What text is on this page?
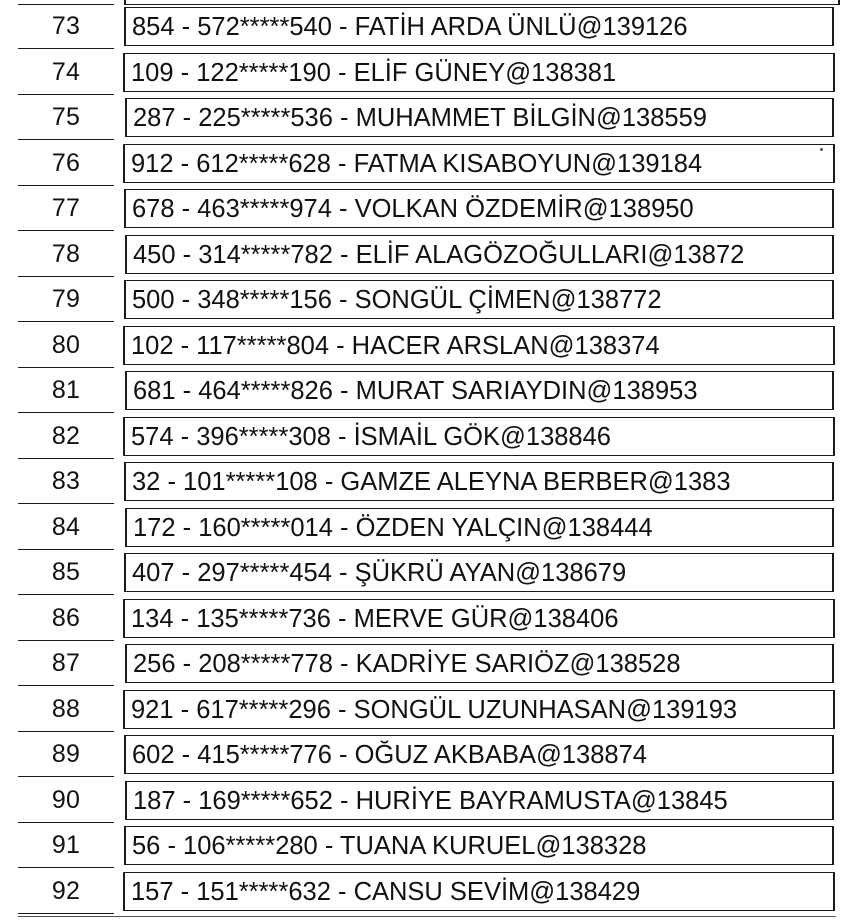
73	854 - 572*****540 - FATİH ARDA ÜNLÜ@139126
74	109 - 122*****190 - ELİF GÜNEY@138381
75	287 - 225*****536 - MUHAMMET BİLGİN@138559
76	912 - 612*****628 - FATMA KISABOYUN@139184
77	678 - 463*****974 - VOLKAN ÖZDEMİR@138950
78	450 - 314*****782 - ELİF ALAGÖZOĞULLARI@13872
79	500 - 348*****156 - SONGÜL ÇİMEN@138772
80	102 - 117*****804 - HACER ARSLAN@138374
81	681 - 464*****826 - MURAT SARIAYDIN@138953
82	574 - 396*****308 - İSMAİL GÖK@138846
83	32 - 101*****108 - GAMZE ALEYNA BERBER@1383
84	172 - 160*****014 - ÖZDEN YALÇIN@138444
85	407 - 297*****454 - ŞÜKRÜ AYAN@138679
86	134 - 135*****736 - MERVE GÜR@138406
87	256 - 208*****778 - KADRİYE SARIÖZ@138528
88	921 - 617*****296 - SONGÜL UZUNHASAN@139193
89	602 - 415*****776 - OĞUZ AKBABA@138874
90	187 - 169*****652 - HURİYE BAYRAMUSTA@13845
91	56 - 106*****280 - TUANA KURUEL@138328
92	157 - 151*****632 - CANSU SEVİM@138429
